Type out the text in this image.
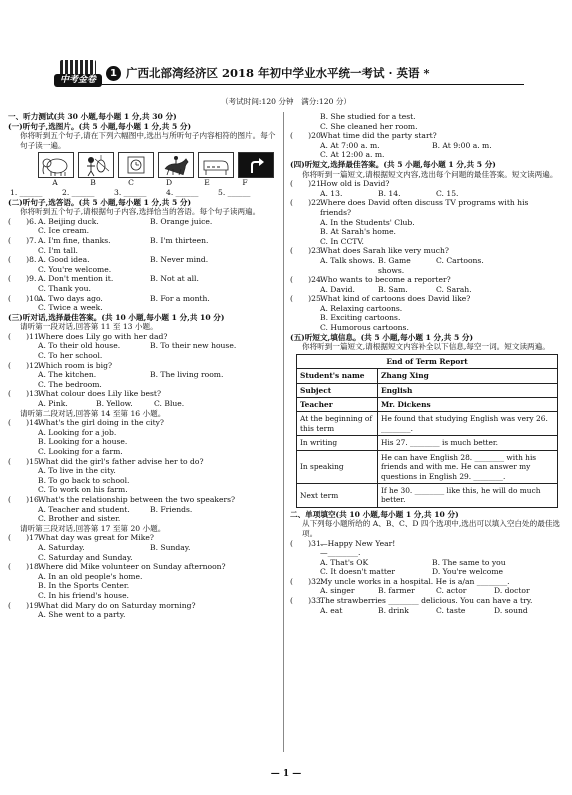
中考金卷
1 广西北部湾经济区 2018 年初中学业水平统一考试 · 英语 *
（考试时间:120 分钟　满分:120 分）
一、听力测试(共 30 小题,每小题 1 分,共 30 分)
(一)听句子,选图片。(共 5 小题,每小题 1 分,共 5 分)
你将听到五个句子,请在下列六幅图中,选出与所听句子内容相符的图片。每个句子读一遍。
A	B	C	D	E	F
1. ______	2. ______	3. ______	4. ______	5. ______
(二)听句子,选答语。(共 5 小题,每小题 1 分,共 5 分)
你将听到五个句子,请根据句子内容,选择恰当的答语。每个句子读两遍。
(　　)6. A. Beijing duck.	B. Orange juice.
C. Ice cream.
(　　)7. A. I'm fine, thanks.	B. I'm thirteen.
C. I'm tall.
(　　)8. A. Good idea.	B. Never mind.
C. You're welcome.
(　　)9. A. Don't mention it.	B. Not at all.
C. Thank you.
(　　)10.
A. Two days ago.	B. For a month.
C. Twice a week.
(三)听对话,选择最佳答案。(共 10 小题,每小题 1 分,共 10 分)
请听第一段对话,回答第 11 至 13 小题。
(　　)11.
Where does Lily go with her dad?
A. To their old house.	B. To their new house.
C. To her school.
(　　)12.
Which room is big?
A. The kitchen.	B. The living room.
C. The bedroom.
(　　)13.
What colour does Lily like best?
A. Pink.	B. Yellow.	C. Blue.
请听第二段对话,回答第 14 至第 16 小题。
(　　)14.
What's the girl doing in the city?
A. Looking for a job.
B. Looking for a house.
C. Looking for a farm.
(　　)15.
What did the girl's father advise her to do?
A. To live in the city.
B. To go back to school.
C. To work on his farm.
(　　)16.
What's the relationship between the two speakers?
A. Teacher and student.	B. Friends.
C. Brother and sister.
请听第三段对话,回答第 17 至第 20 小题。
(　　)17.
What day was great for Mike?
A. Saturday.	B. Sunday.
C. Saturday and Sunday.
(　　)18.
Where did Mike volunteer on Sunday afternoon?
A. In an old people's home.
B. In the Sports Center.
C. In his friend's house.
(　　)19.
What did Mary do on Saturday morning?
A. She went to a party.
B. She studied for a test.
C. She cleaned her room.
(　　)20.
What time did the party start?
A. At 7:00 a. m.	B. At 9:00 a. m.
C. At 12:00 a. m.
(四)听短文,选择最佳答案。(共 5 小题,每小题 1 分,共 5 分)
你将听到一篇短文,请根据短文内容,选出每个问题的最佳答案。短文读两遍。
(　　)21.
How old is David?
A. 13.	B. 14.	C. 15.
(　　)22.
Where does David often discuss TV programs with his friends?
A. In the Students' Club.
B. At Sarah's home.
C. In CCTV.
(　　)23.
What does Sarah like very much?
A. Talk shows. B. Game shows.
C. Cartoons.
(　　)24.
Who wants to become a reporter?
A. David.	B. Sam.	C. Sarah.
(　　)25.
What kind of cartoons does David like?
A. Relaxing cartoons.
B. Exciting cartoons.
C. Humorous cartoons.
(五)听短文,填信息。(共 5 小题,每小题 1 分,共 5 分)
你将听到一篇短文,请根据短文内容补全以下信息,每空一词。短文读两遍。
End of Term Report	
Student's name	Zhang Xing
Subject	English
Teacher	Mr. Dickens
At the beginning of this term	He found that studying English was very 26. ________.
In writing	His 27. ________ is much better.
In speaking	He can have English 28. ________ with his friends and with me. He can answer my questions in English 29. ________.
Next term	If he 30. ________ like this, he will do much better.
二、单项填空(共 10 小题,每小题 1 分,共 10 分)
从下列每小题所给的 A、B、C、D 四个选项中,选出可以填入空白处的最佳选项。
(　　)31.
—Happy New Year!
—________.
A. That's OK	B. The same to you
C. It doesn't matter	D. You're welcome
(　　)32.
My uncle works in a hospital. He is a/an ________.
A. singer	B. farmer	C. actor	D. doctor
(　　)33.
The strawberries ________ delicious. You can have a try.
A. eat	B. drink	C. taste	D. sound
— 1 —
